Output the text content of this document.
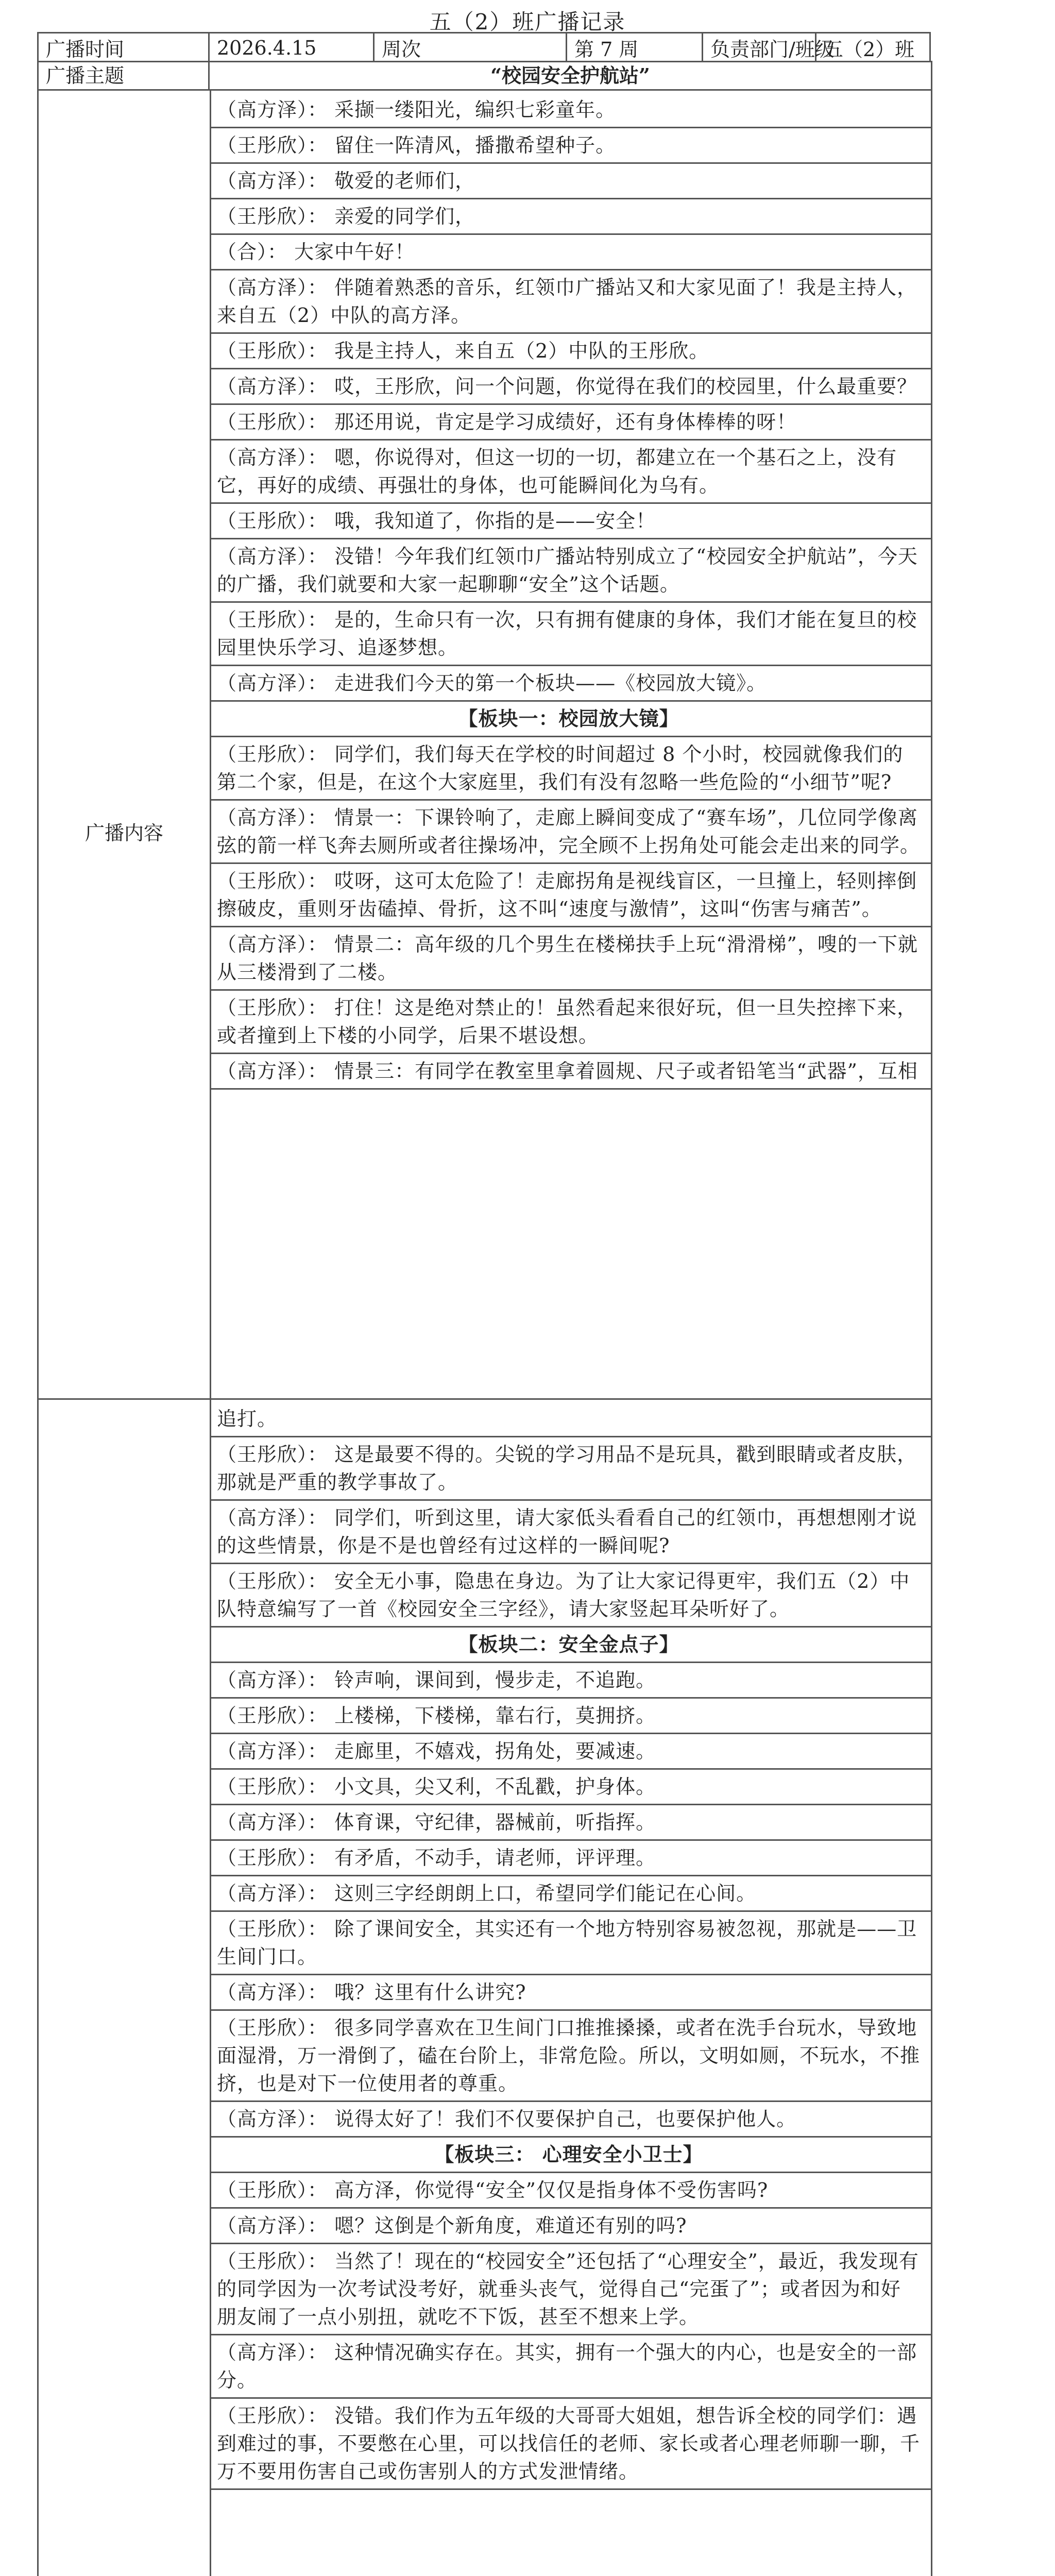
五（2）班广播记录
广播时间	2026.4.15	周次	第 7 周	负责部门/班级	五（2）班
广播主题	“校园安全护航站”
广播内容
（高方泽）： 采撷一缕阳光，编织七彩童年。
（王彤欣）： 留住一阵清风，播撒希望种子。
（高方泽）： 敬爱的老师们，
（王彤欣）： 亲爱的同学们，
（合）： 大家中午好！
（高方泽）： 伴随着熟悉的音乐，红领巾广播站又和大家见面了！我是主持人，来自五（2）中队的高方泽。
（王彤欣）： 我是主持人，来自五（2）中队的王彤欣。
（高方泽）： 哎，王彤欣，问一个问题，你觉得在我们的校园里，什么最重要？
（王彤欣）： 那还用说，肯定是学习成绩好，还有身体棒棒的呀！
（高方泽）： 嗯，你说得对，但这一切的一切，都建立在一个基石之上，没有它，再好的成绩、再强壮的身体，也可能瞬间化为乌有。
（王彤欣）： 哦，我知道了，你指的是——安全！
（高方泽）： 没错！今年我们红领巾广播站特别成立了“校园安全护航站”，今天的广播，我们就要和大家一起聊聊“安全”这个话题。
（王彤欣）： 是的，生命只有一次，只有拥有健康的身体，我们才能在复旦的校园里快乐学习、追逐梦想。
（高方泽）： 走进我们今天的第一个板块——《校园放大镜》。
【板块一：校园放大镜】
（王彤欣）： 同学们，我们每天在学校的时间超过 8 个小时，校园就像我们的第二个家，但是，在这个大家庭里，我们有没有忽略一些危险的“小细节”呢?
（高方泽）： 情景一：下课铃响了，走廊上瞬间变成了“赛车场”，几位同学像离弦的箭一样飞奔去厕所或者往操场冲，完全顾不上拐角处可能会走出来的同学。
（王彤欣）： 哎呀，这可太危险了！走廊拐角是视线盲区，一旦撞上，轻则摔倒擦破皮，重则牙齿磕掉、骨折，这不叫“速度与激情”，这叫“伤害与痛苦”。
（高方泽）： 情景二：高年级的几个男生在楼梯扶手上玩“滑滑梯”，嗖的一下就从三楼滑到了二楼。
（王彤欣）： 打住！这是绝对禁止的！虽然看起来很好玩，但一旦失控摔下来，或者撞到上下楼的小同学，后果不堪设想。
（高方泽）： 情景三：有同学在教室里拿着圆规、尺子或者铅笔当“武器”，互相
追打。
（王彤欣）： 这是最要不得的。尖锐的学习用品不是玩具，戳到眼睛或者皮肤，那就是严重的教学事故了。
（高方泽）： 同学们，听到这里，请大家低头看看自己的红领巾，再想想刚才说的这些情景，你是不是也曾经有过这样的一瞬间呢?
（王彤欣）： 安全无小事，隐患在身边。为了让大家记得更牢，我们五（2）中队特意编写了一首《校园安全三字经》，请大家竖起耳朵听好了。
【板块二：安全金点子】
（高方泽）： 铃声响，课间到，慢步走，不追跑。
（王彤欣）： 上楼梯，下楼梯，靠右行，莫拥挤。
（高方泽）： 走廊里，不嬉戏，拐角处，要减速。
（王彤欣）： 小文具，尖又利，不乱戳，护身体。
（高方泽）： 体育课，守纪律，器械前，听指挥。
（王彤欣）： 有矛盾，不动手，请老师，评评理。
（高方泽）： 这则三字经朗朗上口，希望同学们能记在心间。
（王彤欣）： 除了课间安全，其实还有一个地方特别容易被忽视，那就是——卫生间门口。
（高方泽）： 哦？这里有什么讲究?
（王彤欣）： 很多同学喜欢在卫生间门口推推搡搡，或者在洗手台玩水，导致地面湿滑，万一滑倒了，磕在台阶上，非常危险。所以，文明如厕，不玩水，不推挤，也是对下一位使用者的尊重。
（高方泽）： 说得太好了！我们不仅要保护自己，也要保护他人。
【板块三： 心理安全小卫士】
（王彤欣）： 高方泽，你觉得“安全”仅仅是指身体不受伤害吗?
（高方泽）： 嗯？这倒是个新角度，难道还有别的吗?
（王彤欣）： 当然了！现在的“校园安全”还包括了“心理安全”，最近，我发现有的同学因为一次考试没考好，就垂头丧气，觉得自己“完蛋了”；或者因为和好朋友闹了一点小别扭，就吃不下饭，甚至不想来上学。
（高方泽）： 这种情况确实存在。其实，拥有一个强大的内心，也是安全的一部分。
（王彤欣）： 没错。我们作为五年级的大哥哥大姐姐，想告诉全校的同学们：遇到难过的事，不要憋在心里，可以找信任的老师、家长或者心理老师聊一聊，千万不要用伤害自己或伤害别人的方式发泄情绪。
